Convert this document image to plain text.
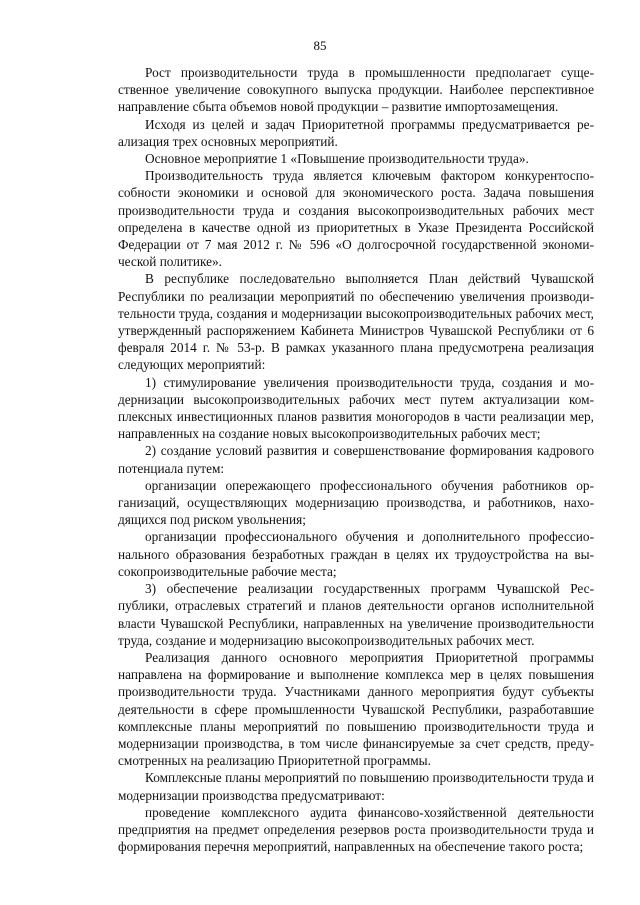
85

Рост производительности труда в промышленности предполагает существенное увеличение совокупного выпуска продукции. Наиболее перспективное направление сбыта объемов новой продукции – развитие импортозамещения.

Исходя из целей и задач Приоритетной программы предусматривается реализация трех основных мероприятий.

Основное мероприятие 1 «Повышение производительности труда».

Производительность труда является ключевым фактором конкурентоспособности экономики и основой для экономического роста. Задача повышения производительности труда и создания высокопроизводительных рабочих мест определена в качестве одной из приоритетных в Указе Президента Российской Федерации от 7 мая 2012 г. № 596 «О долгосрочной государственной экономической политике».

В республике последовательно выполняется План действий Чувашской Республики по реализации мероприятий по обеспечению увеличения производительности труда, создания и модернизации высокопроизводительных рабочих мест, утвержденный распоряжением Кабинета Министров Чувашской Республики от 6 февраля 2014 г. № 53-р. В рамках указанного плана предусмотрена реализация следующих мероприятий:

1) стимулирование увеличения производительности труда, создания и модернизации высокопроизводительных рабочих мест путем актуализации комплексных инвестиционных планов развития моногородов в части реализации мер, направленных на создание новых высокопроизводительных рабочих мест;

2) создание условий развития и совершенствование формирования кадрового потенциала путем:

организации опережающего профессионального обучения работников организаций, осуществляющих модернизацию производства, и работников, находящихся под риском увольнения;

организации профессионального обучения и дополнительного профессионального образования безработных граждан в целях их трудоустройства на высокопроизводительные рабочие места;

3) обеспечение реализации государственных программ Чувашской Республики, отраслевых стратегий и планов деятельности органов исполнительной власти Чувашской Республики, направленных на увеличение производительности труда, создание и модернизацию высокопроизводительных рабочих мест.

Реализация данного основного мероприятия Приоритетной программы направлена на формирование и выполнение комплекса мер в целях повышения производительности труда. Участниками данного мероприятия будут субъекты деятельности в сфере промышленности Чувашской Республики, разработавшие комплексные планы мероприятий по повышению производительности труда и модернизации производства, в том числе финансируемые за счет средств, предусмотренных на реализацию Приоритетной программы.

Комплексные планы мероприятий по повышению производительности труда и модернизации производства предусматривают:

проведение комплексного аудита финансово-хозяйственной деятельности предприятия на предмет определения резервов роста производительности труда и формирования перечня мероприятий, направленных на обеспечение такого роста;
